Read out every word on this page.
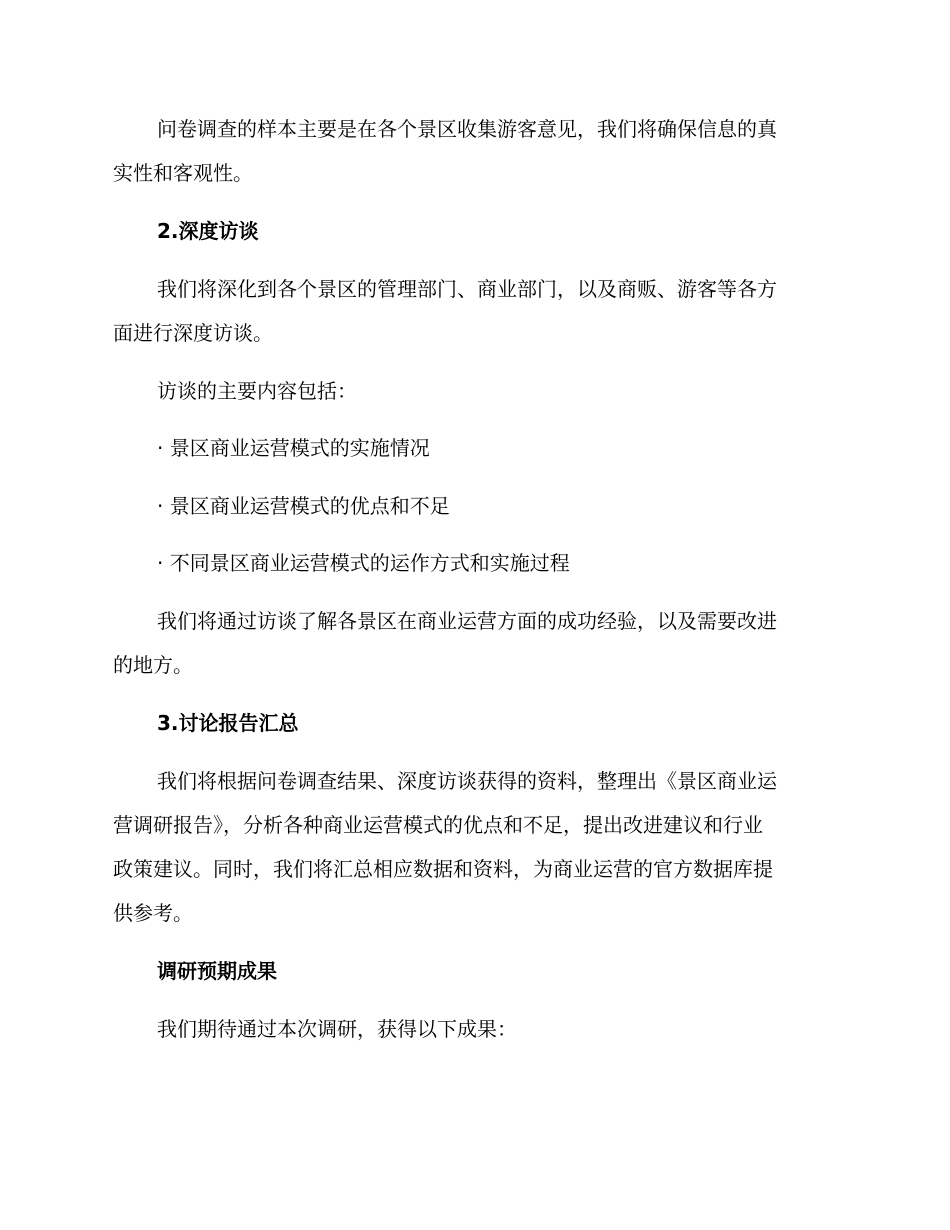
问卷调查的样本主要是在各个景区收集游客意见，我们将确保信息的真

实性和客观性。

2.深度访谈

我们将深化到各个景区的管理部门、商业部门，以及商贩、游客等各方

面进行深度访谈。

访谈的主要内容包括：

· 景区商业运营模式的实施情况

· 景区商业运营模式的优点和不足

· 不同景区商业运营模式的运作方式和实施过程

我们将通过访谈了解各景区在商业运营方面的成功经验，以及需要改进

的地方。

3.讨论报告汇总

我们将根据问卷调查结果、深度访谈获得的资料，整理出《景区商业运

营调研报告》，分析各种商业运营模式的优点和不足，提出改进建议和行业

政策建议。同时，我们将汇总相应数据和资料，为商业运营的官方数据库提

供参考。

调研预期成果

我们期待通过本次调研，获得以下成果：
